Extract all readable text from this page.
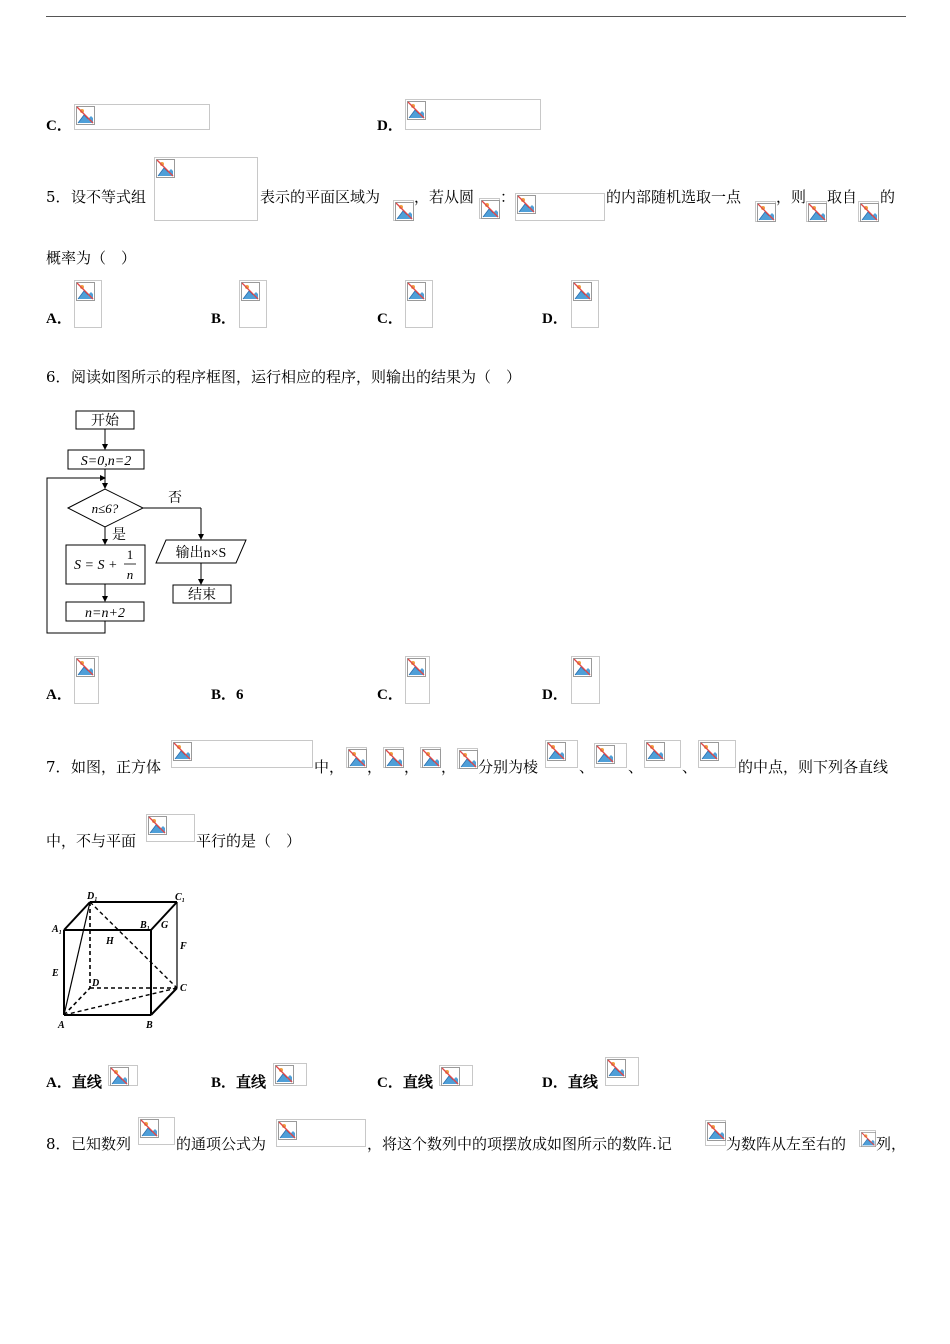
C．	D．
5． 设不等式组	表示的平面区域为 ，若从圆 ：	的内部随机选取一点 ，则 取自 的
概率为（　）
A．	B．	C．	D．
6． 阅读如图所示的程序框图，运行相应的程序，则输出的结果为（　）
开始
S=0,n=2
n≤6?
否
输出n×S
结束
是
S = S +
1
n
n=n+2
A．	B．6	C．	D．
7． 如图，正方体	中， ， ， ， 分别为棱	、 、	、	的中点，则下列各直线
中，不与平面	平行的是（　）
D₁	C₁
A₁	B₁
H
G
F
E
D	C
A	B
A．直线	B．直线	C．直线	D．直线
8． 已知数列	的通项公式为	，将这个数列中的项摆放成如图所示的数阵.记	为数阵从左至右的 列，
